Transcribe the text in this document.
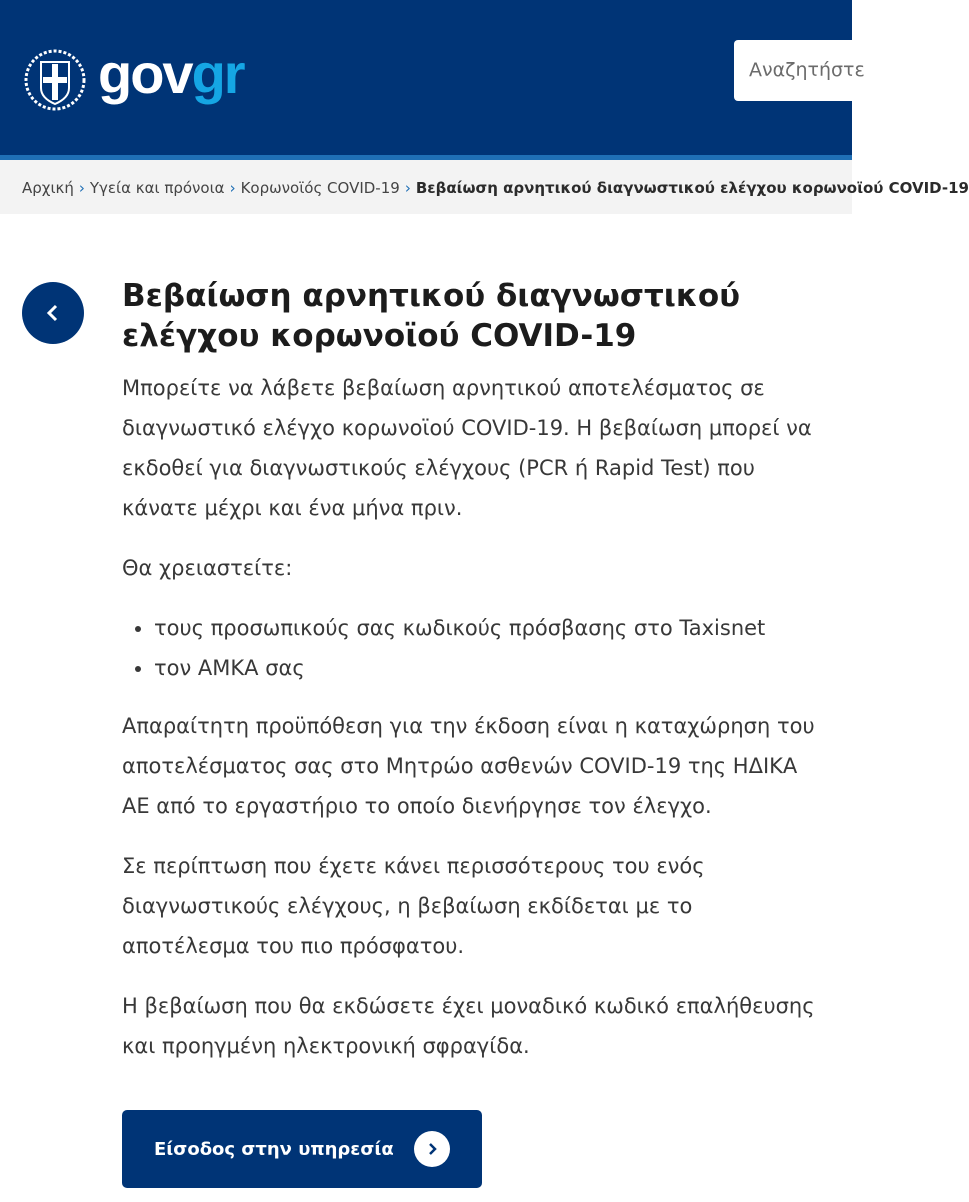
govgr	Αναζητήστε
Αρχική › Υγεία και πρόνοια › Κορωνοϊός COVID-19 › Βεβαίωση αρνητικού διαγνωστικού ελέγχου κορωνοϊού COVID-19
Βεβαίωση αρνητικού διαγνωστικού ελέγχου κορωνοϊού COVID-19

Μπορείτε να λάβετε βεβαίωση αρνητικού αποτελέσματος σε διαγνωστικό ελέγχο κορωνοϊού COVID-19. Η βεβαίωση μπορεί να εκδοθεί για διαγνωστικούς ελέγχους (PCR ή Rapid Test) που κάνατε μέχρι και ένα μήνα πριν.

Θα χρειαστείτε:

• τους προσωπικούς σας κωδικούς πρόσβασης στο Taxisnet
• τον ΑΜΚΑ σας

Απαραίτητη προϋπόθεση για την έκδοση είναι η καταχώρηση του αποτελέσματος σας στο Μητρώο ασθενών COVID-19 της ΗΔΙΚΑ ΑΕ από το εργαστήριο το οποίο διενήργησε τον έλεγχο.

Σε περίπτωση που έχετε κάνει περισσότερους του ενός διαγνωστικούς ελέγχους, η βεβαίωση εκδίδεται με το αποτέλεσμα του πιο πρόσφατου.

Η βεβαίωση που θα εκδώσετε έχει μοναδικό κωδικό επαλήθευσης και προηγμένη ηλεκτρονική σφραγίδα.

Είσοδος στην υπηρεσία
